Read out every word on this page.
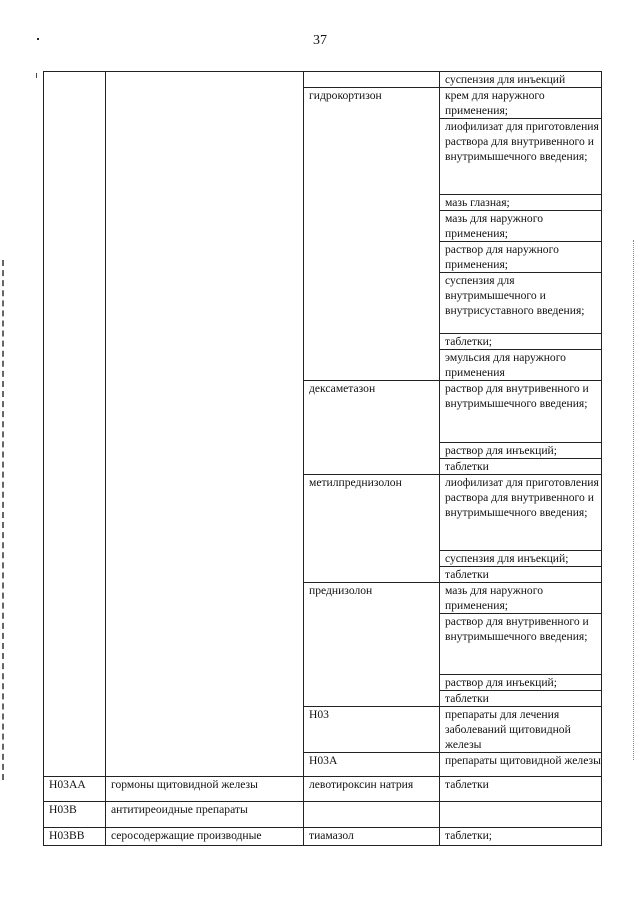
37
			суспензия для инъекций	
		гидрокортизон	крем для наружного применения;	
			лиофилизат для приготовления раствора для внутривенного и внутримышечного введения;	
			мазь глазная;	
			мазь для наружного применения;	
			раствор для наружного применения;	
			суспензия для внутримышечного и внутрисуставного введения;	
			таблетки;	
			эмульсия для наружного применения	
		дексаметазон	раствор для внутривенного и внутримышечного введения;	
			раствор для инъекций;	
			таблетки	
		метилпреднизолон	лиофилизат для приготовления раствора для внутривенного и внутримышечного введения;	
			суспензия для инъекций;	
			таблетки	
		преднизолон	мазь для наружного применения;	
			раствор для внутривенного и внутримышечного введения;	
			раствор для инъекций;	
			таблетки	
		H03	препараты для лечения заболеваний щитовидной железы		
		H03A	препараты щитовидной железы		
H03AA	гормоны щитовидной железы	левотироксин натрия	таблетки	
H03B	антитиреоидные препараты			
H03BB	серосодержащие производные	тиамазол	таблетки;	
